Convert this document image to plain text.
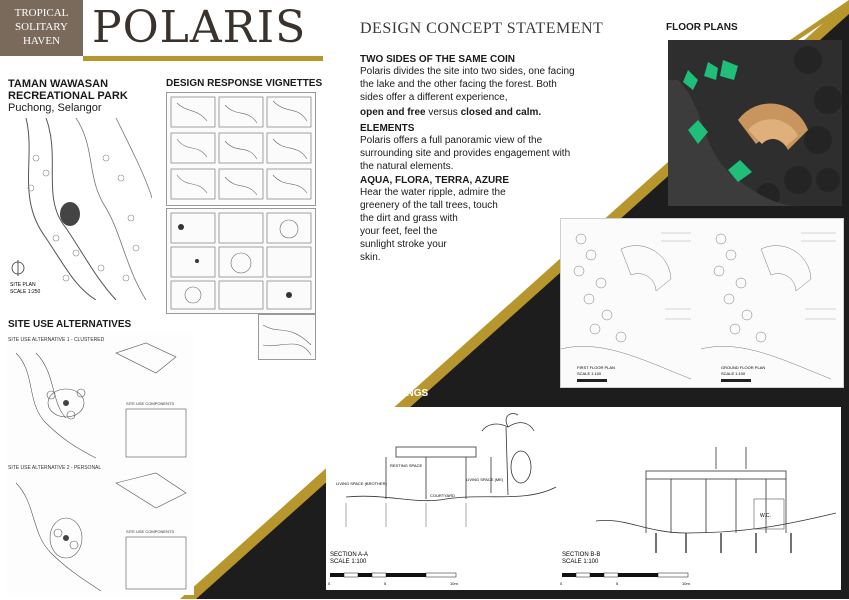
TROPICAL
SOLITARY
HAVEN POLARIS
TAMAN WAWASAN
RECREATIONAL PARK
Puchong, Selangor
SITE PLAN
SCALE 1:250
DESIGN RESPONSE VIGNETTES
SITE USE ALTERNATIVES
SITE USE ALTERNATIVE 1 - CLUSTERED
SITE USE ALTERNATIVE 2 - PERSONAL
SITE USE COMPONENTS
SITE USE COMPONENTS
DESIGN CONCEPT STATEMENT
TWO SIDES OF THE SAME COIN

Polaris divides the site into two sides, one facing the lake and the other facing the forest. Both sides offer a different experience,

open and free versus closed and calm.

ELEMENTS

Polaris offers a full panoramic view of the surrounding site and provides engagement with the natural elements.

AQUA, FLORA, TERRA, AZURE

Hear the water ripple, admire the

greenery of the tall trees, touch

the dirt and grass with

your feet, feel the

sunlight stroke your

skin.

FLOOR PLANS
FIRST FLOOR PLAN
SCALE 1:100
GROUND FLOOR PLAN
SCALE 1:100
SECTION DRAWINGS
RESTING SPACE
LIVING SPACE (BROTHER)
LIVING SPACE (ME)
COURTYARD
SECTION A-A
SCALE 1:100
0	5	10m
W.C.
SECTION B-B
SCALE 1:100
0	5	10m
